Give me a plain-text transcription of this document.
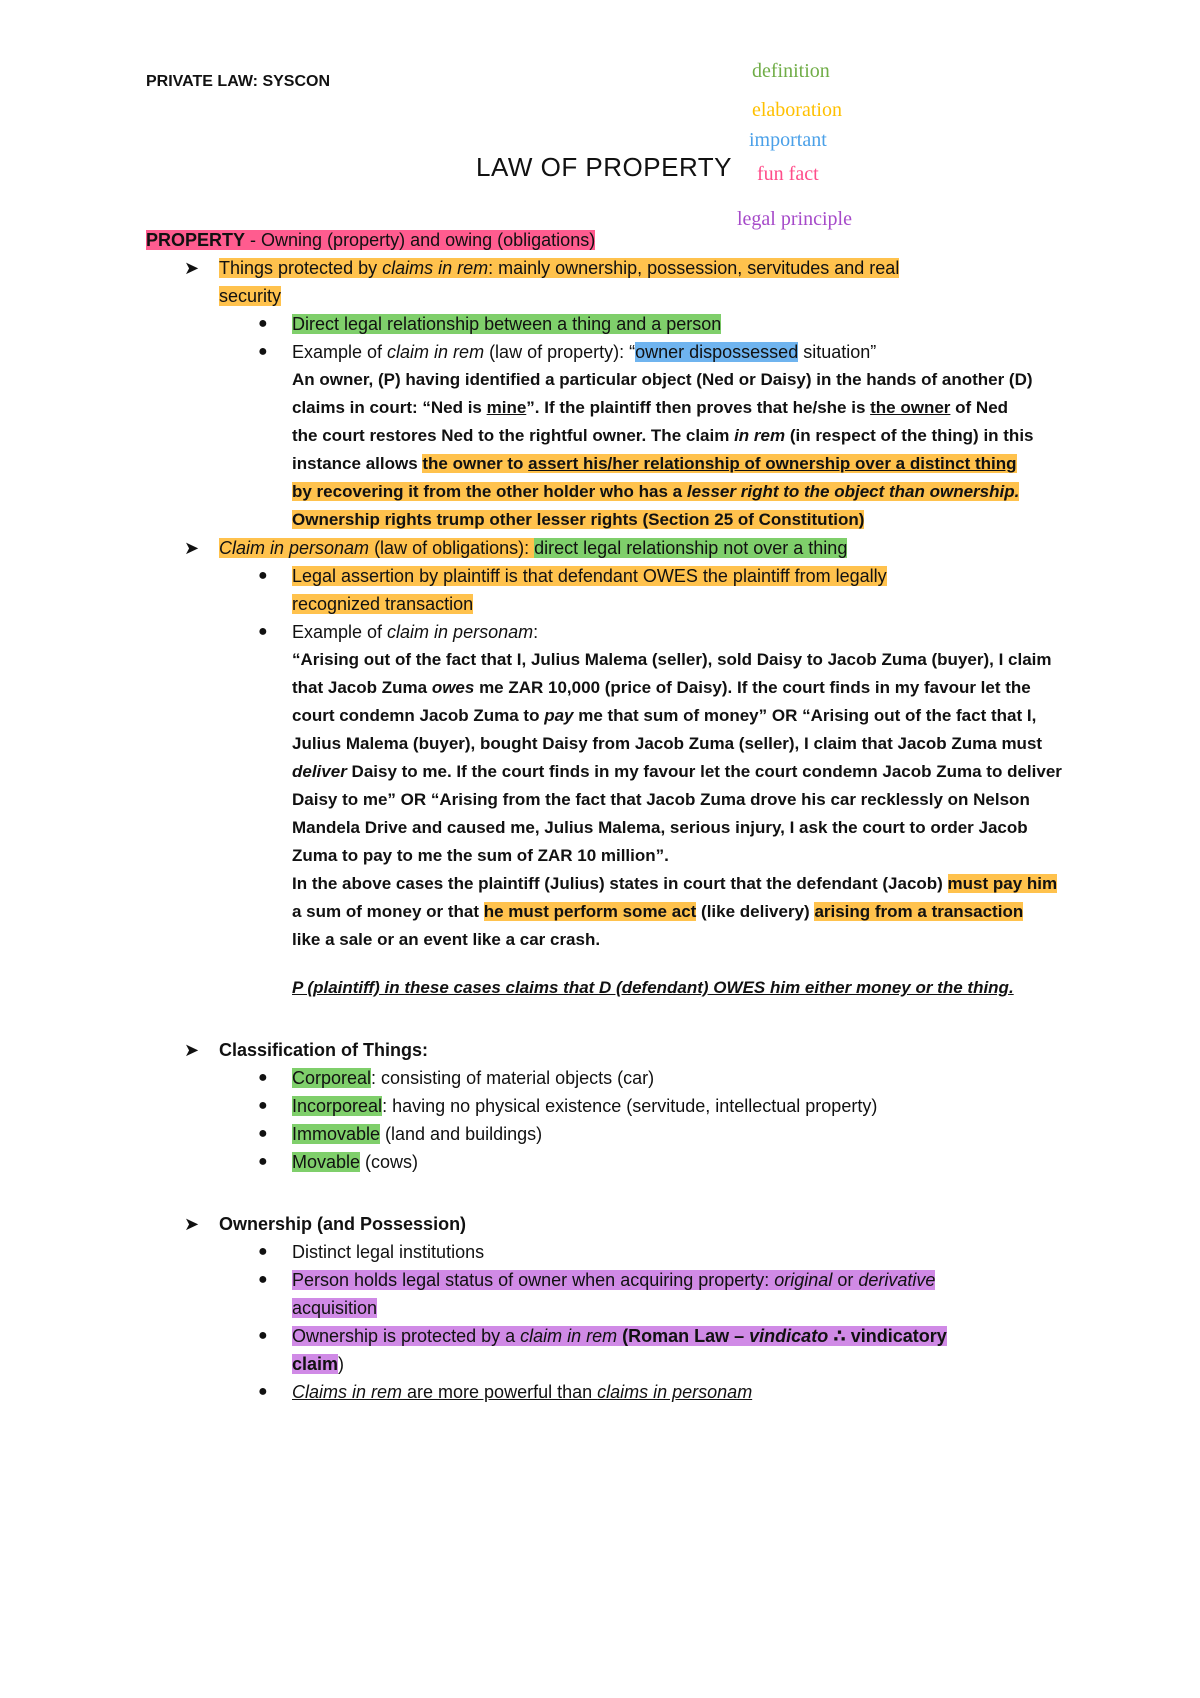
PRIVATE LAW: SYSCON	definition
elaboration
important
fun fact
legal principle
LAW OF PROPERTY
PROPERTY - Owning (property) and owing (obligations)
➤ Things protected by claims in rem: mainly ownership, possession, servitudes and real
security
● Direct legal relationship between a thing and a person
● Example of claim in rem (law of property): “owner dispossessed situation”
An owner, (P) having identified a particular object (Ned or Daisy) in the hands of another (D)
claims in court: “Ned is mine”. If the plaintiff then proves that he/she is the owner of Ned
the court restores Ned to the rightful owner. The claim in rem (in respect of the thing) in this
instance allows the owner to assert his/her relationship of ownership over a distinct thing
by recovering it from the other holder who has a lesser right to the object than ownership.
Ownership rights trump other lesser rights (Section 25 of Constitution)
➤ Claim in personam (law of obligations): direct legal relationship not over a thing
● Legal assertion by plaintiff is that defendant OWES the plaintiff from legally
recognized transaction
● Example of claim in personam:
“Arising out of the fact that I, Julius Malema (seller), sold Daisy to Jacob Zuma (buyer), I claim
that Jacob Zuma owes me ZAR 10,000 (price of Daisy). If the court finds in my favour let the
court condemn Jacob Zuma to pay me that sum of money” OR “Arising out of the fact that I,
Julius Malema (buyer), bought Daisy from Jacob Zuma (seller), I claim that Jacob Zuma must
deliver Daisy to me. If the court finds in my favour let the court condemn Jacob Zuma to deliver
Daisy to me” OR “Arising from the fact that Jacob Zuma drove his car recklessly on Nelson
Mandela Drive and caused me, Julius Malema, serious injury, I ask the court to order Jacob
Zuma to pay to me the sum of ZAR 10 million”.
In the above cases the plaintiff (Julius) states in court that the defendant (Jacob) must pay him
a sum of money or that he must perform some act (like delivery) arising from a transaction
like a sale or an event like a car crash.
P (plaintiff) in these cases claims that D (defendant) OWES him either money or the thing.
➤ Classification of Things:
● Corporeal: consisting of material objects (car)
● Incorporeal: having no physical existence (servitude, intellectual property)
● Immovable (land and buildings)
● Movable (cows)
➤ Ownership (and Possession)
● Distinct legal institutions
● Person holds legal status of owner when acquiring property: original or derivative
acquisition
● Ownership is protected by a claim in rem (Roman Law – vindicato ∴ vindicatory
claim)
● Claims in rem are more powerful than claims in personam
